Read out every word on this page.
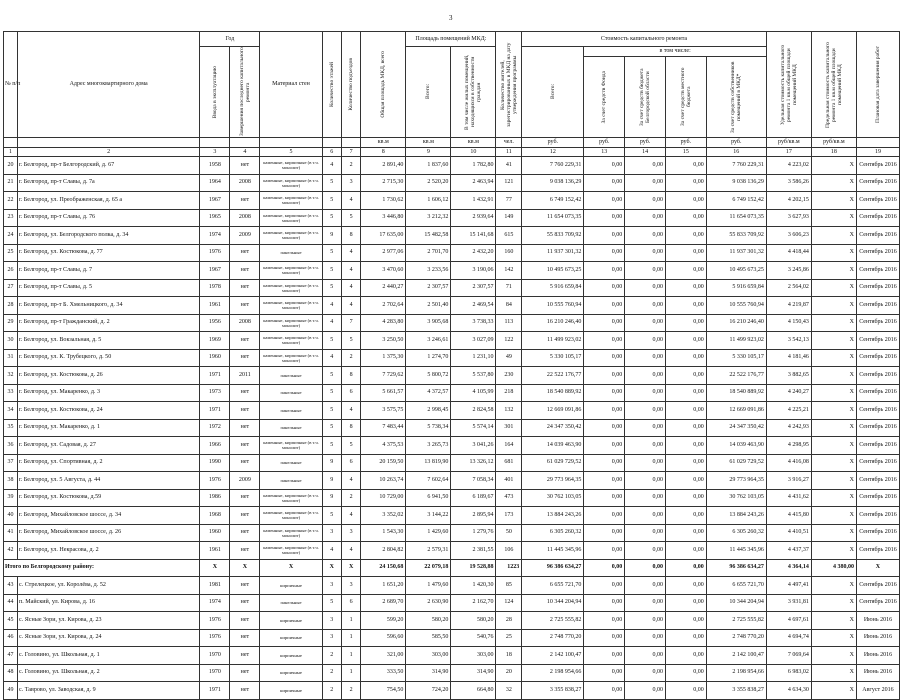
3
№ п/п	Адрес многоквартирного дома	Год		Материал стен	Количество этажей	Количество подъездов	Общая площадь МКД, всего	Площадь помещений МКД:		Количество жителей, зарегистрированных в МКД на дату утверждения программы	Стоимость капитального ремонта					Удельная стоимость капитального ремонта 1 кв.м общей площади помещений МКД	Предельная стоимость капитального ремонта 1 кв.м общей площади помещений МКД	Плановая дата завершения работ

		Ввода в эксплуатацию	Завершения последнего капитального ремонта					Всего:	В том числе жилых помещений, находящихся в собственности граждан		Всего:	в том числе:						

												За счет средств Фонда	За счет средств бюджета Белгородской области	За счет средств местного бюджета	За счет средств собственников помещений в МКД*			

							кв.м	кв.м	кв.м	чел.	руб.	руб.	руб.	руб.	руб.	руб/кв.м	руб/кв.м	
1	2	3	4	5	6	7	8	9	10	11	12	13	14	15	16	17	18	19
20	г. Белгород, пр-т Белгородский, д. 67	1958	нет	каменные, кирпичные (в т.ч. монолит)	4	2	2 891,40	1 837,60	1 782,80	41	7 760 229,31	0,00	0,00	0,00	7 760 229,31	4 223,02	X	Сентябрь 2016
21	г. Белгород, пр-т Славы, д. 7а	1964	2008	каменные, кирпичные (в т.ч. монолит)	5	3	2 715,30	2 520,20	2 463,94	121	9 038 136,29	0,00	0,00	0,00	9 038 136,29	3 586,26	X	Сентябрь 2016
22	г. Белгород, ул. Преображенская, д. 65 а	1967	нет	каменные, кирпичные (в т.ч. монолит)	5	4	1 730,62	1 606,12	1 432,91	77	6 749 152,42	0,00	0,00	0,00	6 749 152,42	4 202,15	X	Сентябрь 2016
23	г. Белгород, пр-т Славы, д. 76	1965	2008	каменные, кирпичные (в т.ч. монолит)	5	5	3 446,80	3 212,32	2 939,64	149	11 654 073,35	0,00	0,00	0,00	11 654 073,35	3 627,93	X	Сентябрь 2016
24	г. Белгород, ул. Белгородского полка, д. 34	1974	2009	каменные, кирпичные (в т.ч. монолит)	9	8	17 635,00	15 482,58	15 141,68	615	55 833 709,92	0,00	0,00	0,00	55 833 709,92	3 606,23	X	Сентябрь 2016
25	г. Белгород, ул. Костюкова, д. 77	1976	нет	панельные	5	4	2 977,06	2 701,70	2 432,20	160	11 937 301,32	0,00	0,00	0,00	11 937 301,32	4 418,44	X	Сентябрь 2016
26	г. Белгород, пр-т Славы, д. 7	1967	нет	каменные, кирпичные (в т.ч. монолит)	5	4	3 470,60	3 233,56	3 190,06	142	10 495 673,25	0,00	0,00	0,00	10 495 673,25	3 245,86	X	Сентябрь 2016
27	г. Белгород, пр-т Славы, д. 5	1978	нет	каменные, кирпичные (в т.ч. монолит)	5	4	2 440,27	2 307,57	2 307,57	71	5 916 659,84	0,00	0,00	0,00	5 916 659,84	2 564,02	X	Сентябрь 2016
28	г. Белгород, пр-т Б. Хмельницкого, д. 34	1961	нет	каменные, кирпичные (в т.ч. монолит)	4	4	2 702,64	2 501,40	2 469,54	84	10 555 760,94	0,00	0,00	0,00	10 555 760,94	4 219,87	X	Сентябрь 2016
29	г. Белгород, пр-т Гражданский, д. 2	1956	2008	каменные, кирпичные (в т.ч. монолит)	4	7	4 283,80	3 905,68	3 738,33	113	16 210 246,40	0,00	0,00	0,00	16 210 246,40	4 150,43	X	Сентябрь 2016
30	г. Белгород, ул. Вокзальная, д. 5	1969	нет	каменные, кирпичные (в т.ч. монолит)	5	5	3 250,50	3 246,61	3 027,09	122	11 499 923,02	0,00	0,00	0,00	11 499 923,02	3 542,13	X	Сентябрь 2016
31	г. Белгород, ул. К. Трубецкого, д. 50	1960	нет	каменные, кирпичные (в т.ч. монолит)	4	2	1 375,30	1 274,70	1 231,10	49	5 330 105,17	0,00	0,00	0,00	5 330 105,17	4 181,46	X	Сентябрь 2016
32	г. Белгород, ул. Костюкова, д. 26	1971	2011	панельные	5	8	7 729,62	5 800,72	5 537,80	230	22 522 176,77	0,00	0,00	0,00	22 522 176,77	3 882,65	X	Сентябрь 2016
33	г. Белгород, ул. Макаренко, д. 3	1973	нет	панельные	5	6	5 661,57	4 372,57	4 105,99	218	18 540 889,92	0,00	0,00	0,00	18 540 889,92	4 240,27	X	Сентябрь 2016
34	г. Белгород, ул. Костюкова, д. 24	1971	нет	панельные	5	4	3 575,75	2 998,45	2 824,58	132	12 669 091,86	0,00	0,00	0,00	12 669 091,86	4 225,21	X	Сентябрь 2016
35	г. Белгород, ул. Макаренко, д. 1	1972	нет	панельные	5	8	7 483,44	5 738,34	5 574,14	301	24 347 350,42	0,00	0,00	0,00	24 347 350,42	4 242,93	X	Сентябрь 2016
36	г. Белгород, ул. Садовая, д. 27	1966	нет	каменные, кирпичные (в т.ч. монолит)	5	5	4 375,53	3 265,73	3 041,26	164	14 039 463,90	0,00	0,00	0,00	14 039 463,90	4 298,95	X	Сентябрь 2016
37	г. Белгород, ул. Спортивная, д. 2	1990	нет	панельные	9	6	20 159,50	13 819,90	13 326,12	681	61 029 729,52	0,00	0,00	0,00	61 029 729,52	4 416,08	X	Сентябрь 2016
38	г. Белгород, ул. 5 Августа, д. 44	1976	2009	панельные	9	4	10 263,74	7 602,64	7 058,34	401	29 773 964,35	0,00	0,00	0,00	29 773 964,35	3 916,27	X	Сентябрь 2016
39	г. Белгород, ул. Костюкова, д.59	1986	нет	каменные, кирпичные (в т.ч. монолит)	9	2	10 729,00	6 941,50	6 189,67	473	30 762 103,05	0,00	0,00	0,00	30 762 103,05	4 431,62	X	Сентябрь 2016
40	г. Белгород, Михайловское шоссе, д. 34	1968	нет	каменные, кирпичные (в т.ч. монолит)	5	4	3 352,02	3 144,22	2 895,94	173	13 884 243,26	0,00	0,00	0,00	13 884 243,26	4 415,80	X	Сентябрь 2016
41	г. Белгород, Михайловское шоссе, д. 26	1960	нет	каменные, кирпичные (в т.ч. монолит)	3	3	1 543,30	1 429,60	1 279,76	50	6 305 260,32	0,00	0,00	0,00	6 305 260,32	4 410,51	X	Сентябрь 2016
42	г. Белгород, ул. Некрасова, д. 2	1961	нет	каменные, кирпичные (в т.ч. монолит)	4	4	2 804,82	2 579,31	2 381,55	106	11 445 345,96	0,00	0,00	0,00	11 445 345,96	4 437,37	X	Сентябрь 2016
Итого по Белгородскому району:		X	X	X	X	X	24 150,68	22 079,18	19 528,88	1223	96 386 634,27	0,00	0,00	0,00	96 386 634,27	4 364,14	4 380,00	X
43	с. Стрелецкое, ул. Королёва, д. 52	1981	нет	кирпичные	3	3	1 651,20	1 479,60	1 420,30	85	6 655 721,70	0,00	0,00	0,00	6 655 721,70	4 497,41	X	Сентябрь 2016
44	п. Майский, ул. Кирова, д. 16	1974	нет	панельные	5	6	2 689,70	2 630,90	2 162,70	124	10 344 204,94	0,00	0,00	0,00	10 344 204,94	3 931,81	X	Сентябрь 2016
45	с. Ясные Зори, ул. Кирова, д. 23	1976	нет	кирпичные	3	1	599,20	580,20	580,20	28	2 725 555,82	0,00	0,00	0,00	2 725 555,82	4 697,61	X	Июнь 2016
46	с. Ясные Зори, ул. Кирова, д. 24	1976	нет	кирпичные	3	1	596,60	585,50	540,76	25	2 748 770,20	0,00	0,00	0,00	2 748 770,20	4 694,74	X	Июнь 2016
47	с. Головино, ул. Школьная, д. 1	1970	нет	кирпичные	2	1	321,00	303,00	303,00	18	2 142 100,47	0,00	0,00	0,00	2 142 100,47	7 069,64	X	Июнь 2016
48	с. Головино, ул. Школьная, д. 2	1970	нет	кирпичные	2	1	333,50	314,90	314,90	20	2 198 954,66	0,00	0,00	0,00	2 198 954,66	6 983,02	X	Июнь 2016
49	с. Таврово, ул. Заводская, д. 9	1971	нет	кирпичные	2	2	754,50	724,20	664,80	32	3 355 838,27	0,00	0,00	0,00	3 355 838,27	4 634,30	X	Август 2016
